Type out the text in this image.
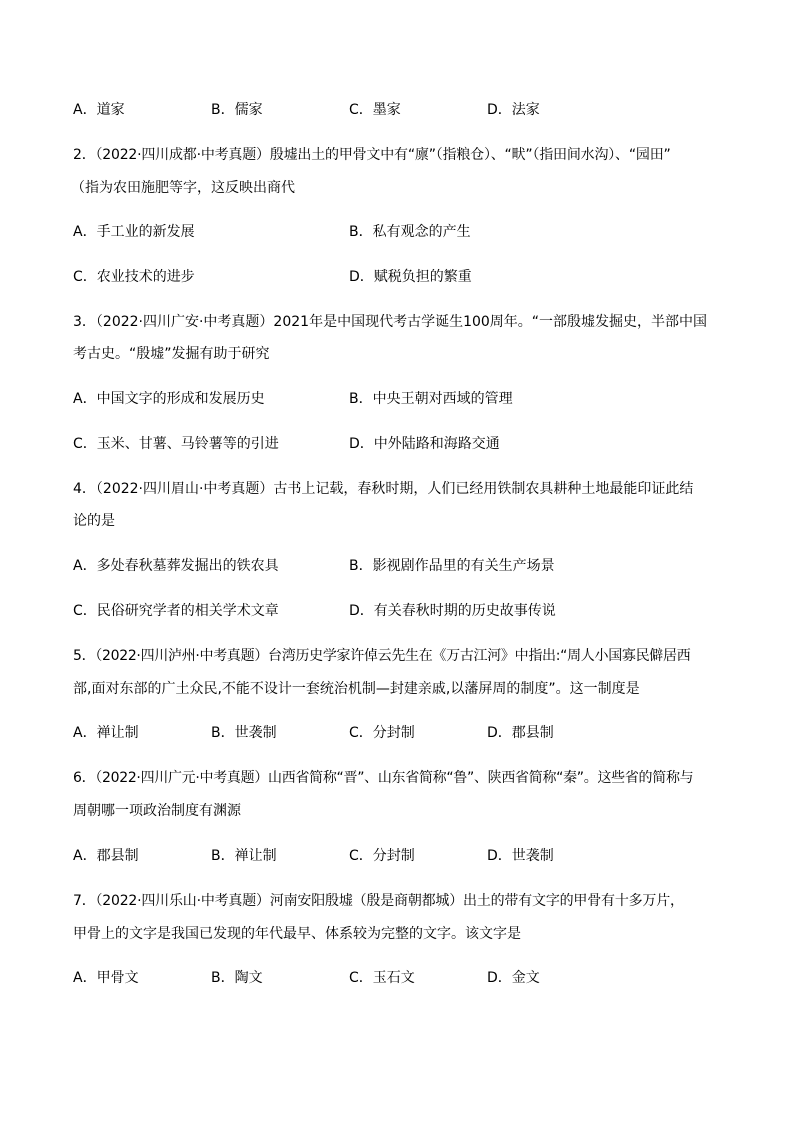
A．道家	B．儒家	C．墨家	D．法家
2．（2022·四川成都·中考真题）殷墟出土的甲骨文中有“廪”（指粮仓）、“畎”（指田间水沟）、“园田”
（指为农田施肥等字，这反映出商代
A．手工业的新发展	B．私有观念的产生
C．农业技术的进步	D．赋税负担的繁重
3．（2022·四川广安·中考真题）2021年是中国现代考古学诞生100周年。“一部殷墟发掘史，半部中国
考古史。“殷墟”发掘有助于研究
A．中国文字的形成和发展历史	B．中央王朝对西域的管理
C．玉米、甘薯、马铃薯等的引进	D．中外陆路和海路交通
4．（2022·四川眉山·中考真题）古书上记载，春秋时期，人们已经用铁制农具耕种土地最能印证此结
论的是
A．多处春秋墓葬发掘出的铁农具	B．影视剧作品里的有关生产场景
C．民俗研究学者的相关学术文章	D．有关春秋时期的历史故事传说
5．（2022·四川泸州·中考真题）台湾历史学家许倬云先生在《万古江河》中指出:“周人小国寡民僻居西
部,面对东部的广土众民,不能不设计一套统治机制—封建亲戚,以藩屏周的制度”。这一制度是
A．禅让制	B．世袭制	C．分封制	D．郡县制
6．（2022·四川广元·中考真题）山西省简称“晋”、山东省简称“鲁”、陕西省简称“秦”。这些省的简称与
周朝哪一项政治制度有渊源
A．郡县制	B．禅让制	C．分封制	D．世袭制
7．（2022·四川乐山·中考真题）河南安阳殷墟（殷是商朝都城）出土的带有文字的甲骨有十多万片，
甲骨上的文字是我国已发现的年代最早、体系较为完整的文字。该文字是
A．甲骨文	B．陶文	C．玉石文	D．金文
